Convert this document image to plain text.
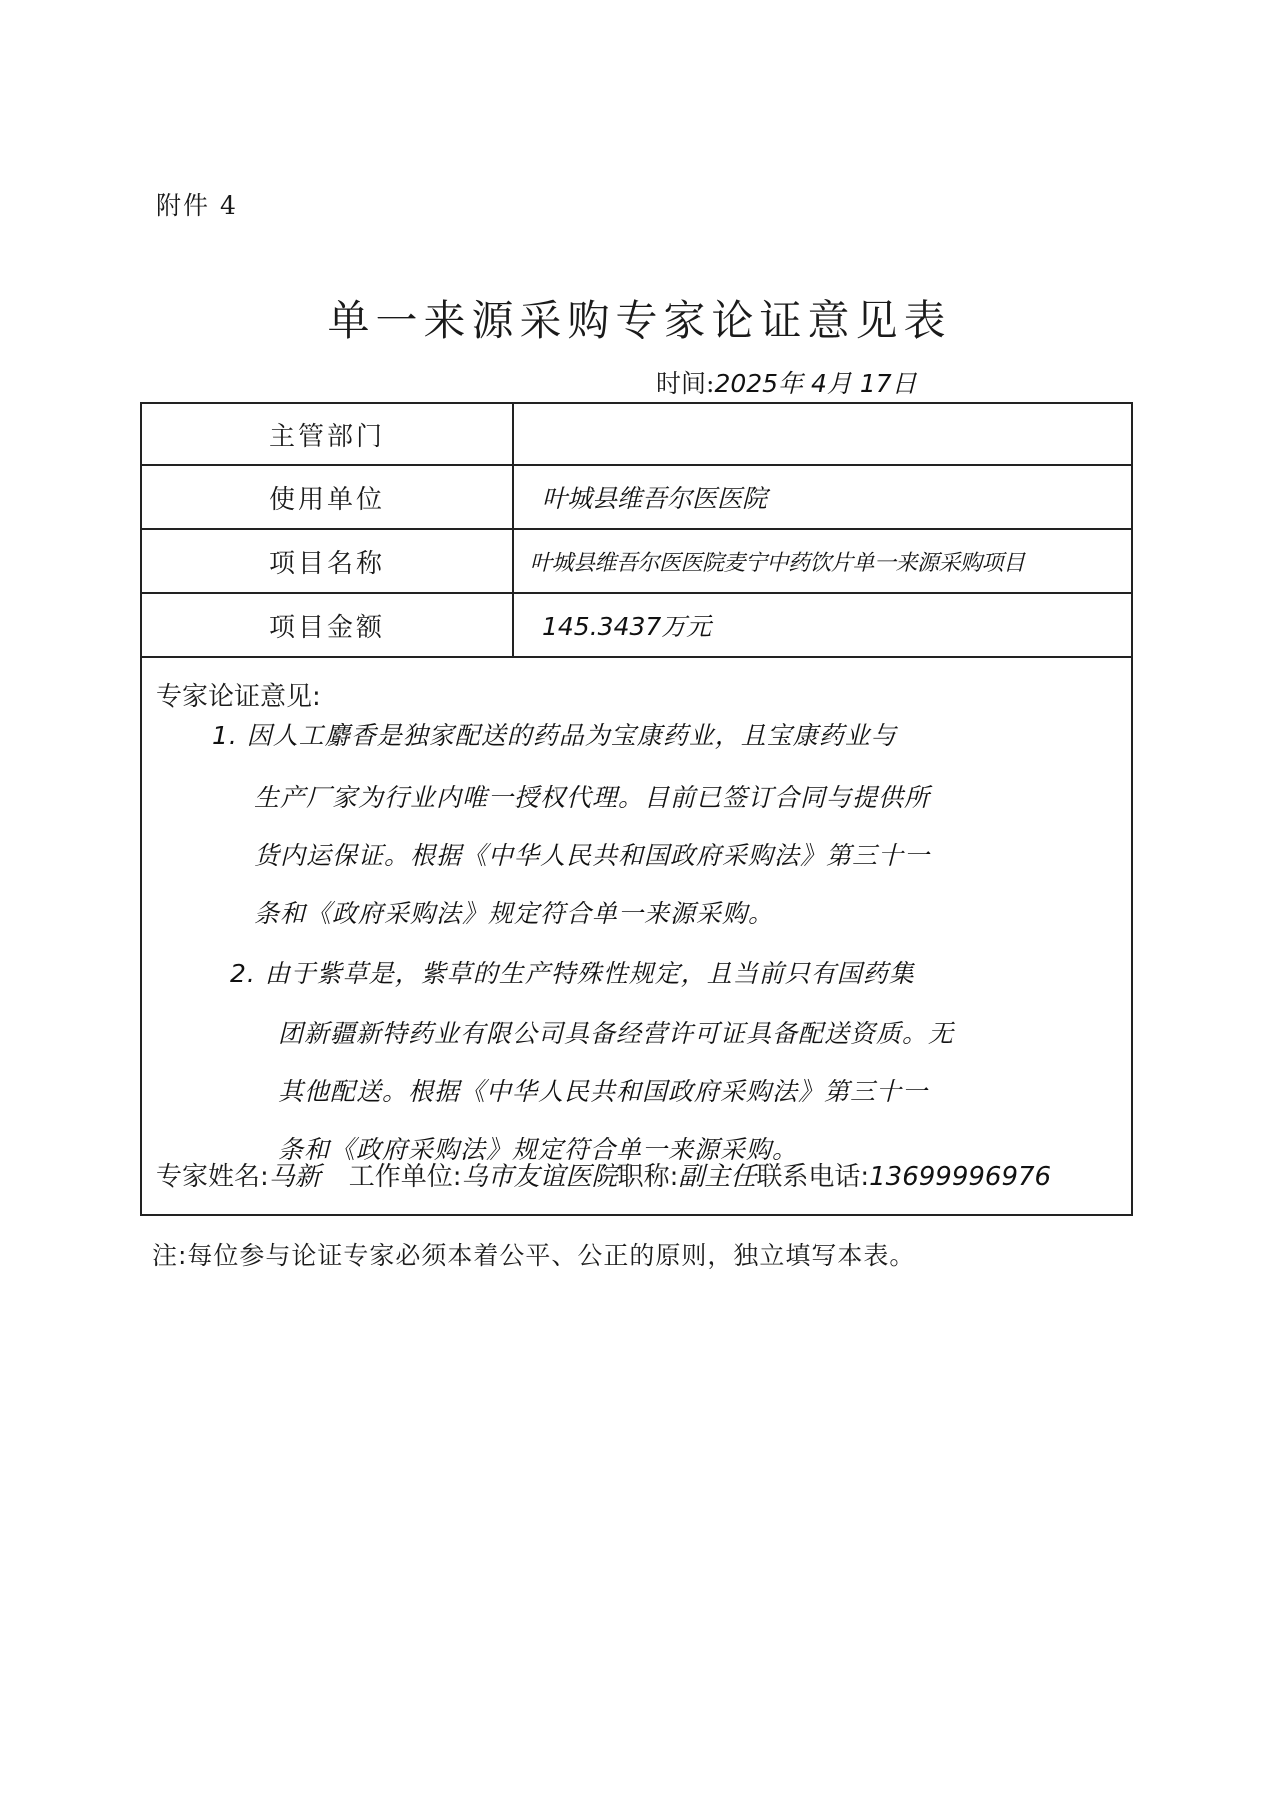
附件 4
单一来源采购专家论证意见表
时间:2025年 4月 17日
主管部门
使用单位	叶城县维吾尔医医院
项目名称	叶城县维吾尔医医院麦宁中药饮片单一来源采购项目
项目金额	145.3437万元
专家论证意见:
1. 因人工麝香是独家配送的药品为宝康药业，且宝康药业与
生产厂家为行业内唯一授权代理。目前已签订合同与提供所
货内运保证。根据《中华人民共和国政府采购法》第三十一
条和《政府采购法》规定符合单一来源采购。
2. 由于紫草是，紫草的生产特殊性规定，且当前只有国药集
团新疆新特药业有限公司具备经营许可证具备配送资质。无
其他配送。根据《中华人民共和国政府采购法》第三十一
条和《政府采购法》规定符合单一来源采购。
专家姓名:马新 工作单位:乌市友谊医院职称:副主任联系电话:13699996976
注:每位参与论证专家必须本着公平、公正的原则，独立填写本表。
